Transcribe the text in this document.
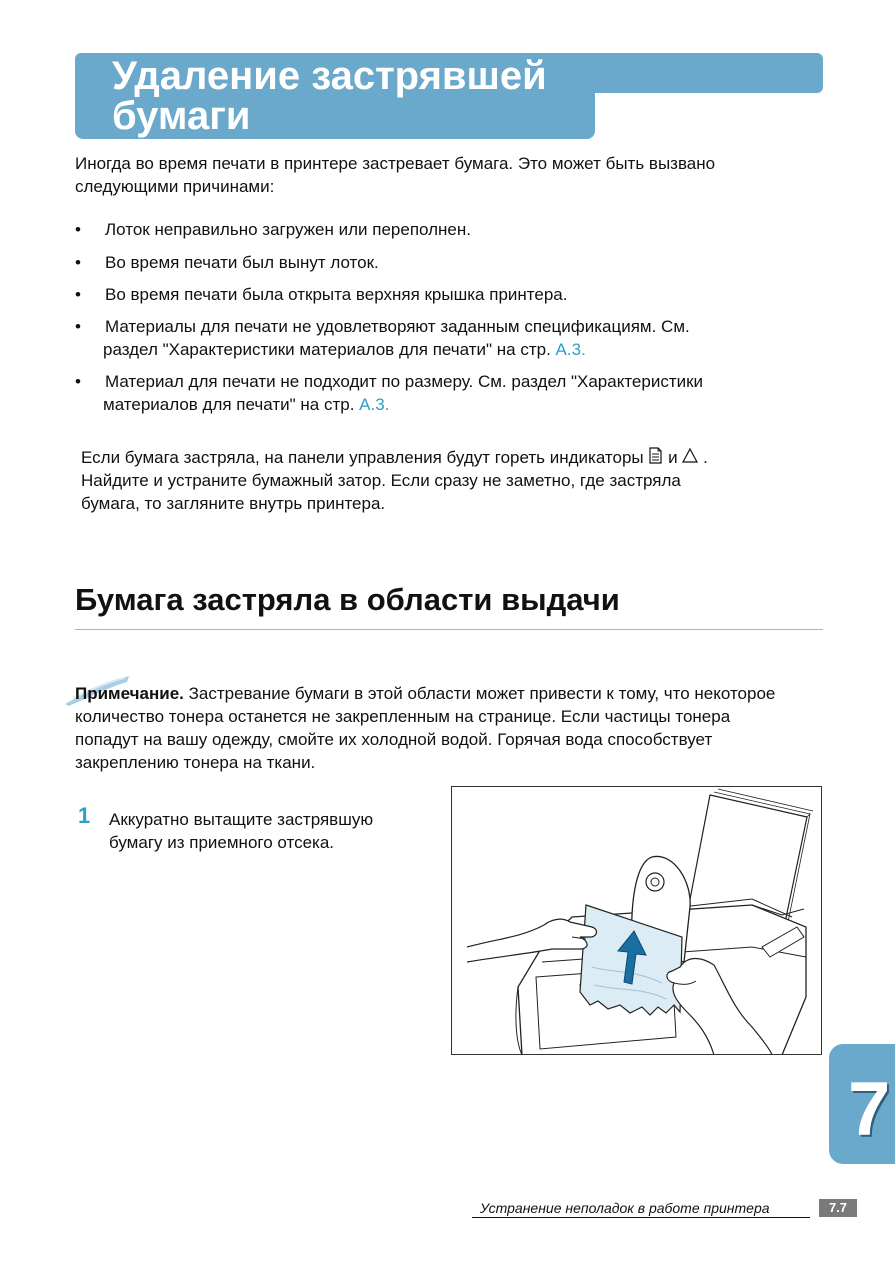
Удаление застрявшей
бумаги
Иногда во время печати в принтере застревает бумага. Это может быть вызвано следующими причинами:
• Лоток неправильно загружен или переполнен.
• Во время печати был вынут лоток.
• Во время печати была открыта верхняя крышка принтера.
• Материалы для печати не удовлетворяют заданным спецификациям. См.
раздел "Характеристики материалов для печати" на стр. A.3.
• Материал для печати не подходит по размеру. См. раздел "Характеристики
материалов для печати" на стр. A.3.
Если бумага застряла, на панели управления будут гореть индикаторы и .
Найдите и устраните бумажный затор. Если сразу не заметно, где застряла
бумага, то загляните внутрь принтера.
Бумага застряла в области выдачи
Примечание. Застревание бумаги в этой области может привести к тому, что некоторое количество тонера останется не закрепленным на странице. Если частицы тонера попадут на вашу одежду, смойте их холодной водой. Горячая вода способствует закреплению тонера на ткани.
1 Аккуратно вытащите застрявшую бумагу из приемного отсека.
7
Устранение неполадок в работе принтера	7.7
